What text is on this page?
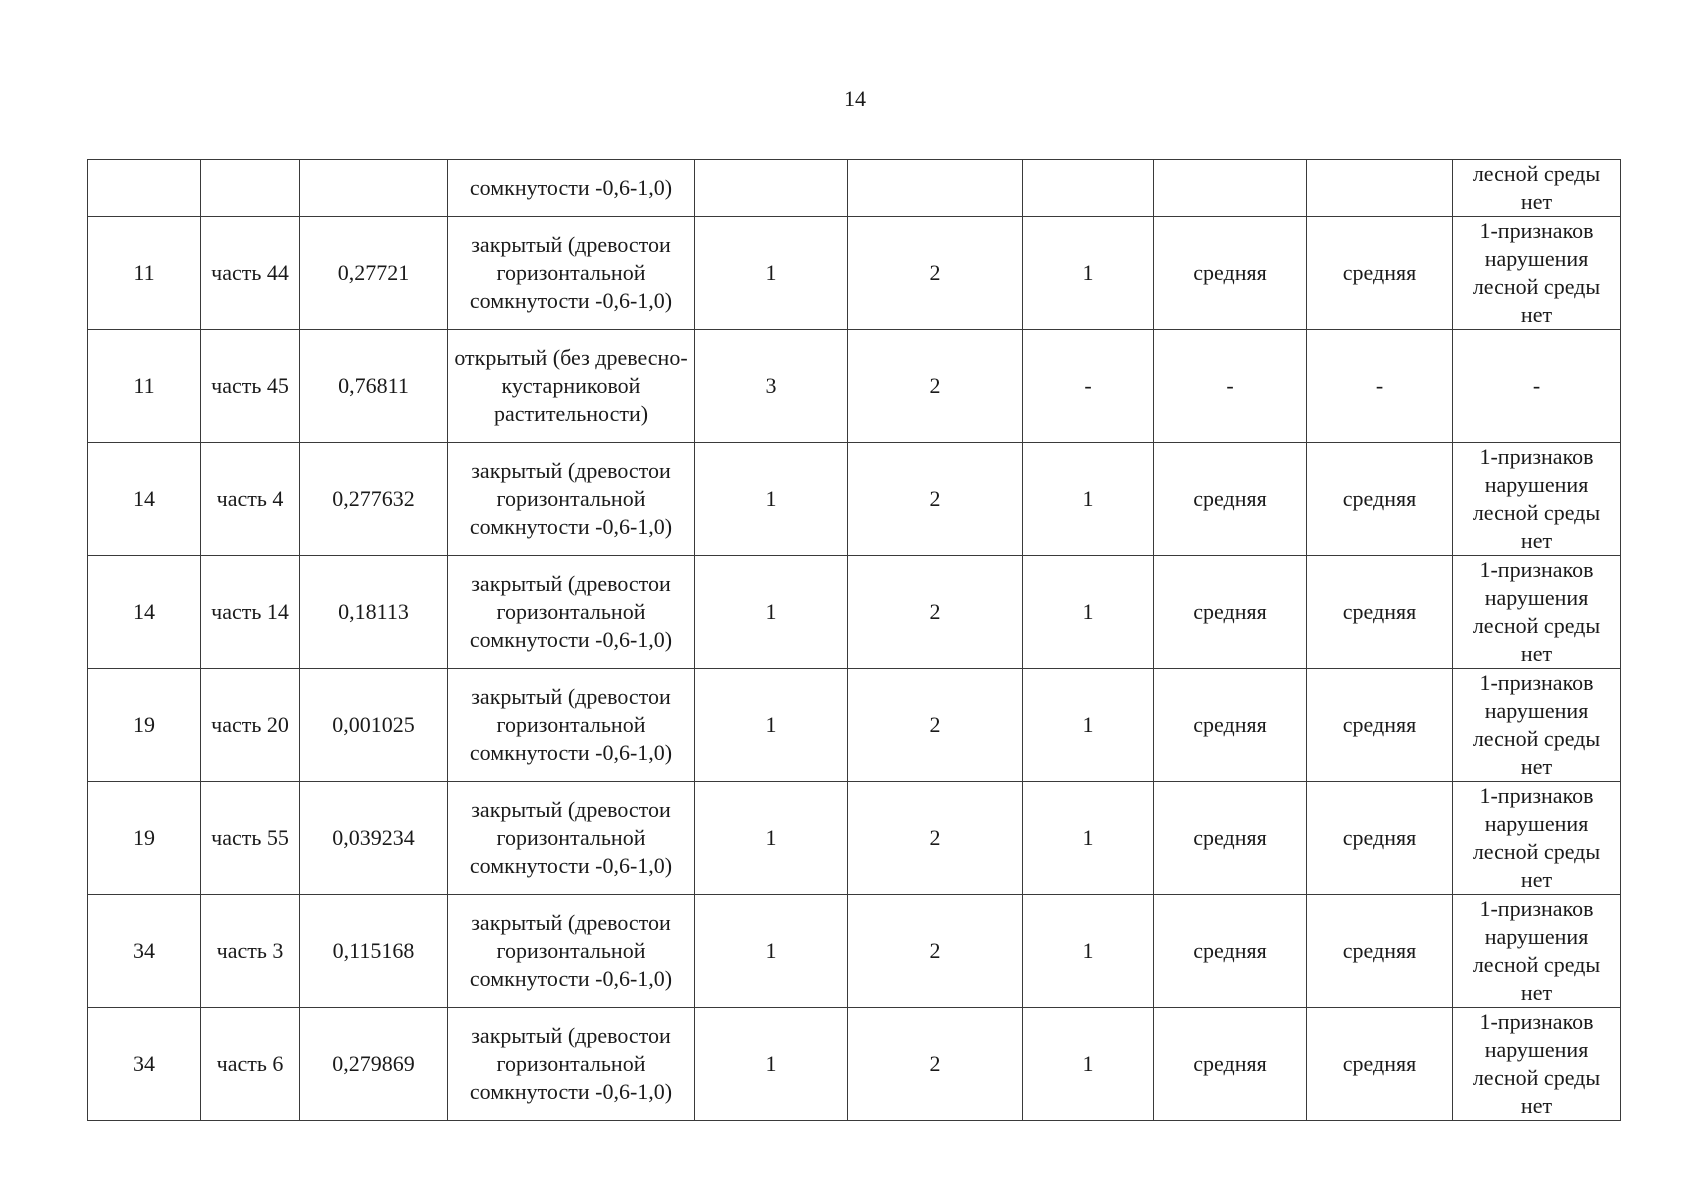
14

			сомкнутости -0,6-1,0)						лесной среды нет

11	часть 44	0,27721	закрытый (древостои горизонтальной сомкнутости -0,6-1,0)	1	2	1	средняя	средняя	1-признаков нарушения лесной среды нет

11	часть 45	0,76811	открытый (без древесно-кустарниковой растительности)	3	2	-	-	-	-

14	часть 4	0,277632	закрытый (древостои горизонтальной сомкнутости -0,6-1,0)	1	2	1	средняя	средняя	1-признаков нарушения лесной среды нет

14	часть 14	0,18113	закрытый (древостои горизонтальной сомкнутости -0,6-1,0)	1	2	1	средняя	средняя	1-признаков нарушения лесной среды нет

19	часть 20	0,001025	закрытый (древостои горизонтальной сомкнутости -0,6-1,0)	1	2	1	средняя	средняя	1-признаков нарушения лесной среды нет

19	часть 55	0,039234	закрытый (древостои горизонтальной сомкнутости -0,6-1,0)	1	2	1	средняя	средняя	1-признаков нарушения лесной среды нет

34	часть 3	0,115168	закрытый (древостои горизонтальной сомкнутости -0,6-1,0)	1	2	1	средняя	средняя	1-признаков нарушения лесной среды нет

34	часть 6	0,279869	закрытый (древостои горизонтальной сомкнутости -0,6-1,0)	1	2	1	средняя	средняя	1-признаков нарушения лесной среды нет
